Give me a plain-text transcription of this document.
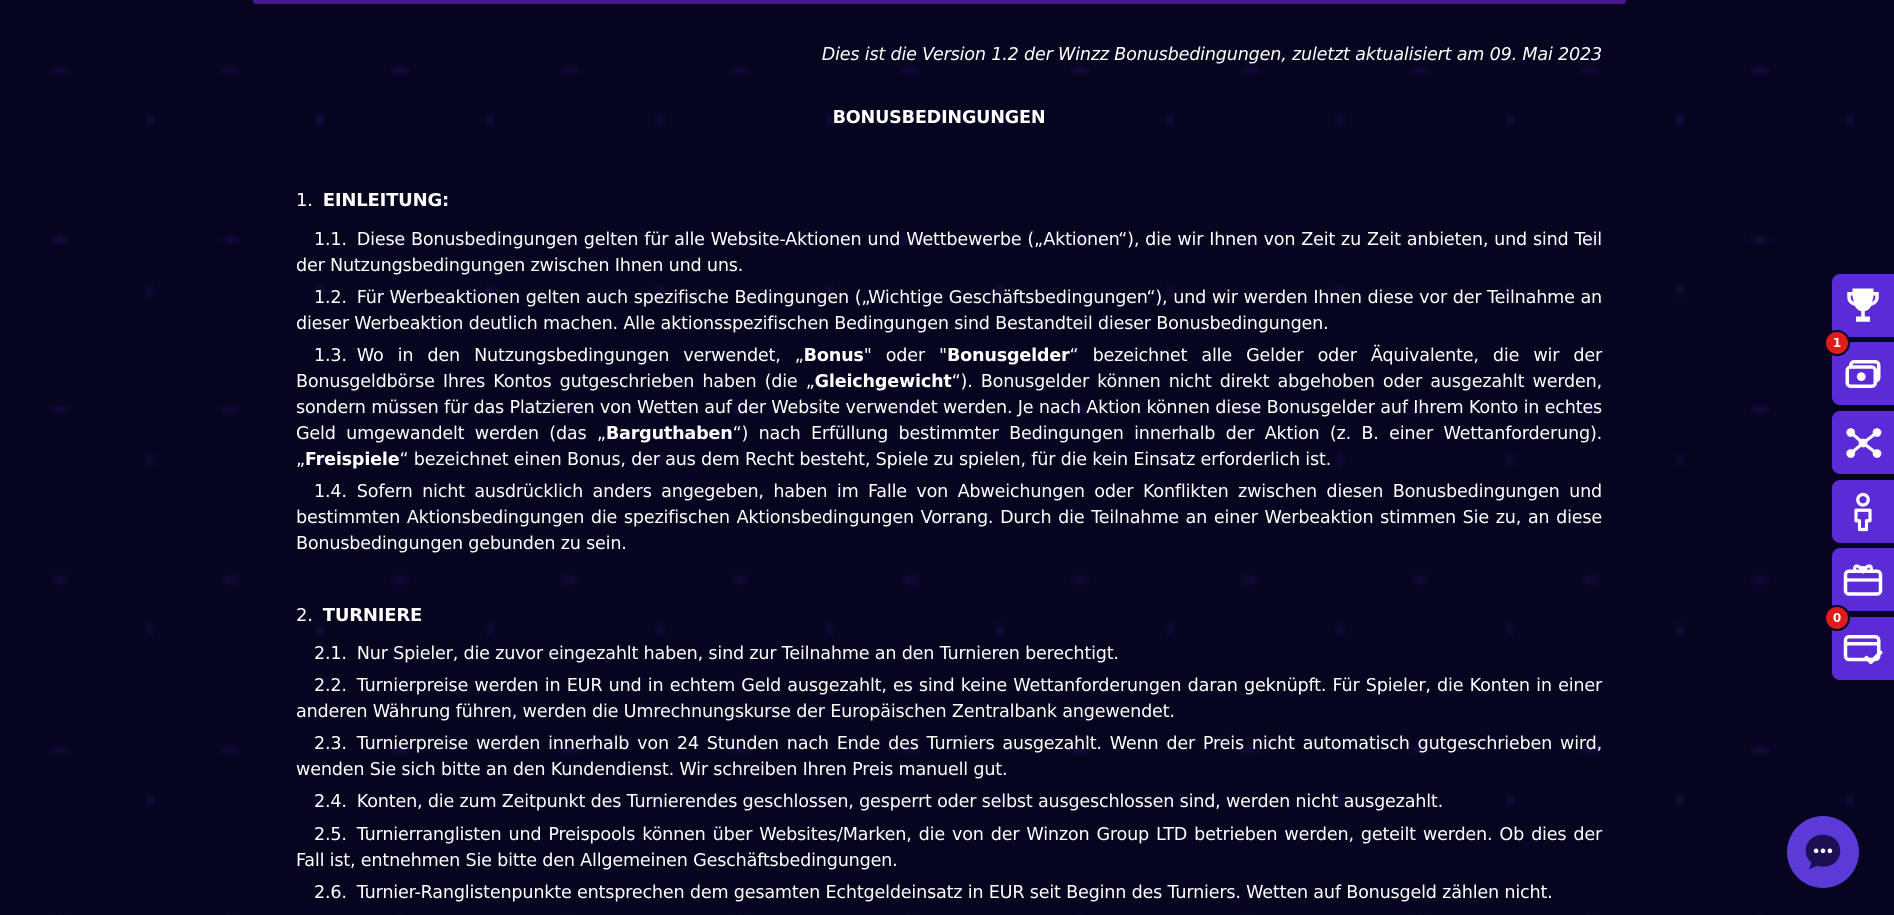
Dies ist die Version 1.2 der Winzz Bonusbedingungen, zuletzt aktualisiert am 09. Mai 2023
BONUSBEDINGUNGEN
1. EINLEITUNG:
1.1. Diese Bonusbedingungen gelten für alle Website-Aktionen und Wettbewerbe („Aktionen“), die wir Ihnen von Zeit zu Zeit anbieten, und sind Teil der Nutzungsbedingungen zwischen Ihnen und uns.
1.2. Für Werbeaktionen gelten auch spezifische Bedingungen („Wichtige Geschäftsbedingungen“), und wir werden Ihnen diese vor der Teilnahme an dieser Werbeaktion deutlich machen. Alle aktionsspezifischen Bedingungen sind Bestandteil dieser Bonusbedingungen.
1.3. Wo in den Nutzungsbedingungen verwendet, „Bonus" oder "Bonusgelder“ bezeichnet alle Gelder oder Äquivalente, die wir der Bonusgeldbörse Ihres Kontos gutgeschrieben haben (die „Gleichgewicht“). Bonusgelder können nicht direkt abgehoben oder ausgezahlt werden, sondern müssen für das Platzieren von Wetten auf der Website verwendet werden. Je nach Aktion können diese Bonusgelder auf Ihrem Konto in echtes Geld umgewandelt werden (das „Barguthaben“) nach Erfüllung bestimmter Bedingungen innerhalb der Aktion (z. B. einer Wettanforderung). „Freispiele“ bezeichnet einen Bonus, der aus dem Recht besteht, Spiele zu spielen, für die kein Einsatz erforderlich ist.
1.4. Sofern nicht ausdrücklich anders angegeben, haben im Falle von Abweichungen oder Konflikten zwischen diesen Bonusbedingungen und bestimmten Aktionsbedingungen die spezifischen Aktionsbedingungen Vorrang. Durch die Teilnahme an einer Werbeaktion stimmen Sie zu, an diese Bonusbedingungen gebunden zu sein.
2. TURNIERE
2.1. Nur Spieler, die zuvor eingezahlt haben, sind zur Teilnahme an den Turnieren berechtigt.
2.2. Turnierpreise werden in EUR und in echtem Geld ausgezahlt, es sind keine Wettanforderungen daran geknüpft. Für Spieler, die Konten in einer anderen Währung führen, werden die Umrechnungskurse der Europäischen Zentralbank angewendet.
2.3. Turnierpreise werden innerhalb von 24 Stunden nach Ende des Turniers ausgezahlt. Wenn der Preis nicht automatisch gutgeschrieben wird, wenden Sie sich bitte an den Kundendienst. Wir schreiben Ihren Preis manuell gut.
2.4. Konten, die zum Zeitpunkt des Turnierendes geschlossen, gesperrt oder selbst ausgeschlossen sind, werden nicht ausgezahlt.
2.5. Turnierranglisten und Preispools können über Websites/Marken, die von der Winzon Group LTD betrieben werden, geteilt werden. Ob dies der Fall ist, entnehmen Sie bitte den Allgemeinen Geschäftsbedingungen.
2.6. Turnier-Ranglistenpunkte entsprechen dem gesamten Echtgeldeinsatz in EUR seit Beginn des Turniers. Wetten auf Bonusgeld zählen nicht.
1
0
